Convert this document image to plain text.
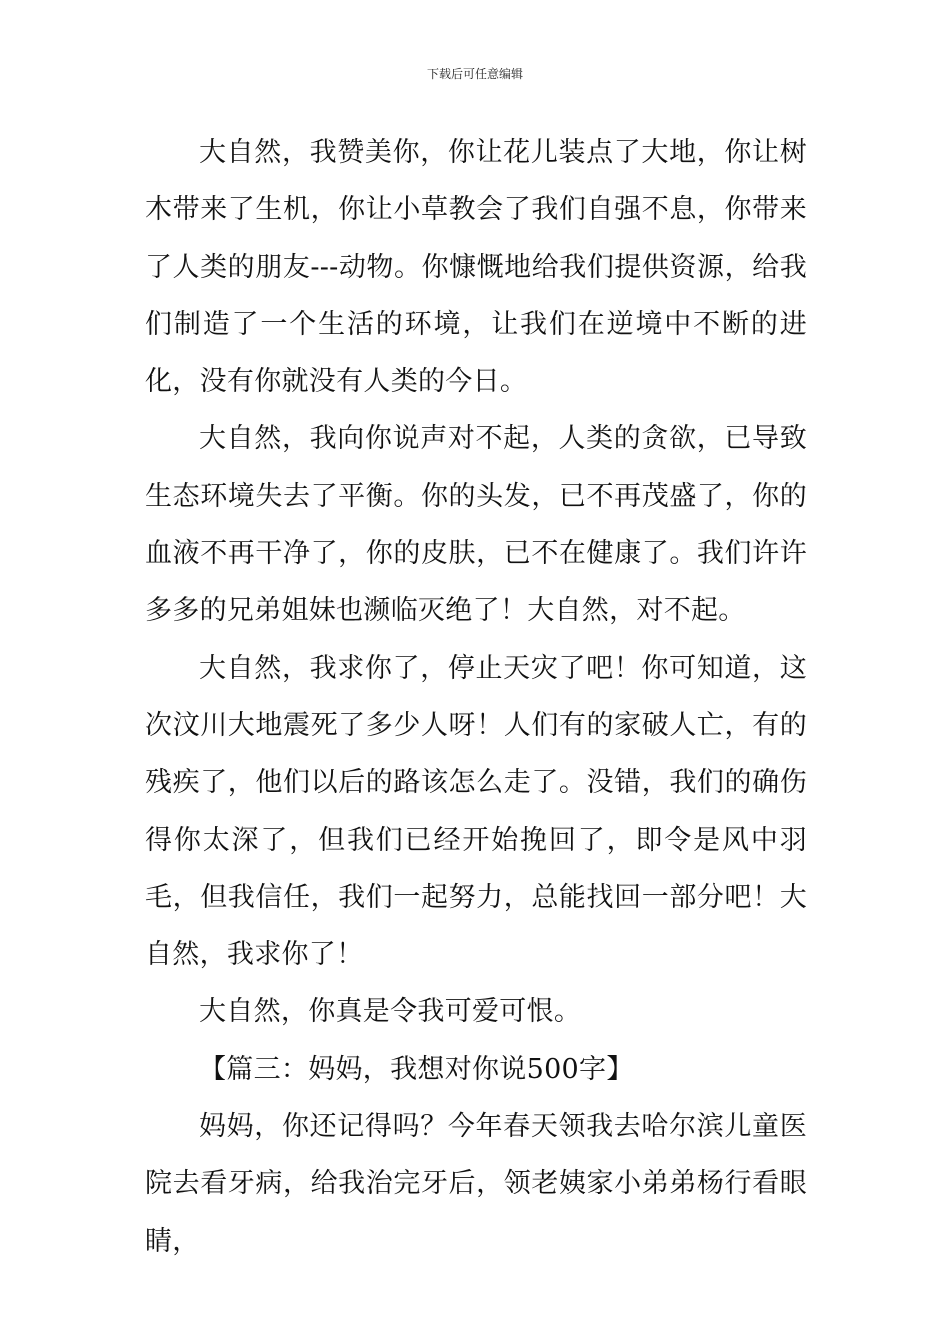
下载后可任意编辑

大自然，我赞美你，你让花儿装点了大地，你让树木带来了生机，你让小草教会了我们自强不息，你带来了人类的朋友---动物。你慷慨地给我们提供资源，给我们制造了一个生活的环境，让我们在逆境中不断的进化，没有你就没有人类的今日。

大自然，我向你说声对不起，人类的贪欲，已导致生态环境失去了平衡。你的头发，已不再茂盛了，你的血液不再干净了，你的皮肤，已不在健康了。我们许许多多的兄弟姐妹也濒临灭绝了！大自然，对不起。

大自然，我求你了，停止天灾了吧！你可知道，这次汶川大地震死了多少人呀！人们有的家破人亡，有的残疾了，他们以后的路该怎么走了。没错，我们的确伤得你太深了，但我们已经开始挽回了，即令是风中羽毛，但我信任，我们一起努力，总能找回一部分吧！大自然，我求你了！

大自然，你真是令我可爱可恨。

【篇三：妈妈，我想对你说500字】

妈妈，你还记得吗？今年春天领我去哈尔滨儿童医院去看牙病，给我治完牙后，领老姨家小弟弟杨行看眼睛，
